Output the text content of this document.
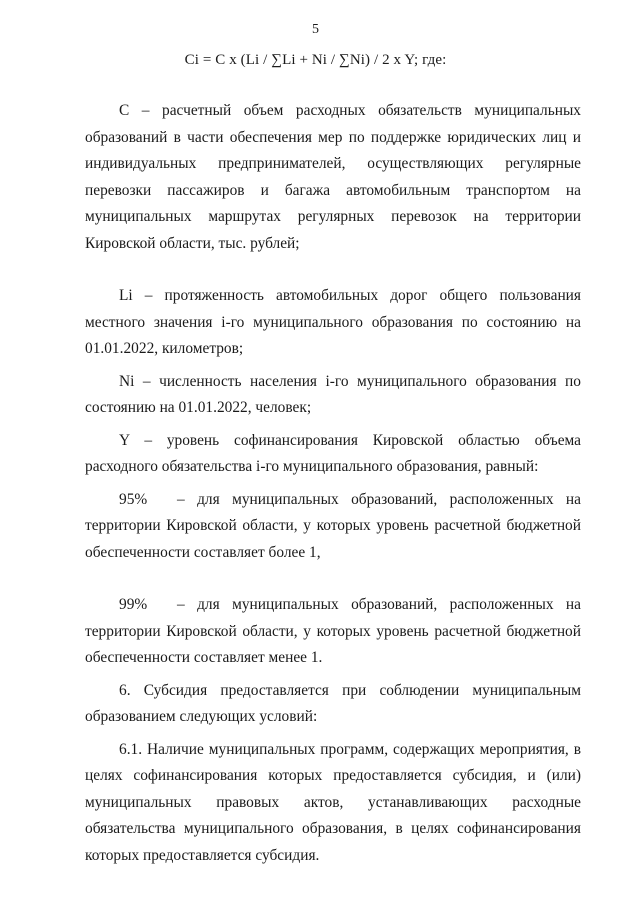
5
Ci = C x (Li / ∑Li + Ni / ∑Ni) / 2 x Y; где:

С – расчетный объем расходных обязательств муниципальных образований в части обеспечения мер по поддержке юридических лиц и индивидуальных предпринимателей, осуществляющих регулярные перевозки пассажиров и багажа автомобильным транспортом на муниципальных маршрутах регулярных перевозок на территории Кировской области, тыс. рублей;

Li – протяженность автомобильных дорог общего пользования местного значения i-го муниципального образования по состоянию на 01.01.2022, километров;

Ni – численность населения i-го муниципального образования по состоянию на 01.01.2022, человек;

Y – уровень софинансирования Кировской областью объема расходного обязательства i-го муниципального образования, равный:

95% – для муниципальных образований, расположенных на территории Кировской области, у которых уровень расчетной бюджетной обеспеченности составляет более 1,

99% – для муниципальных образований, расположенных на территории Кировской области, у которых уровень расчетной бюджетной обеспеченности составляет менее 1.

6. Субсидия предоставляется при соблюдении муниципальным образованием следующих условий:

6.1. Наличие муниципальных программ, содержащих мероприятия, в целях софинансирования которых предоставляется субсидия, и (или) муниципальных правовых актов, устанавливающих расходные обязательства муниципального образования, в целях софинансирования которых предоставляется субсидия.
